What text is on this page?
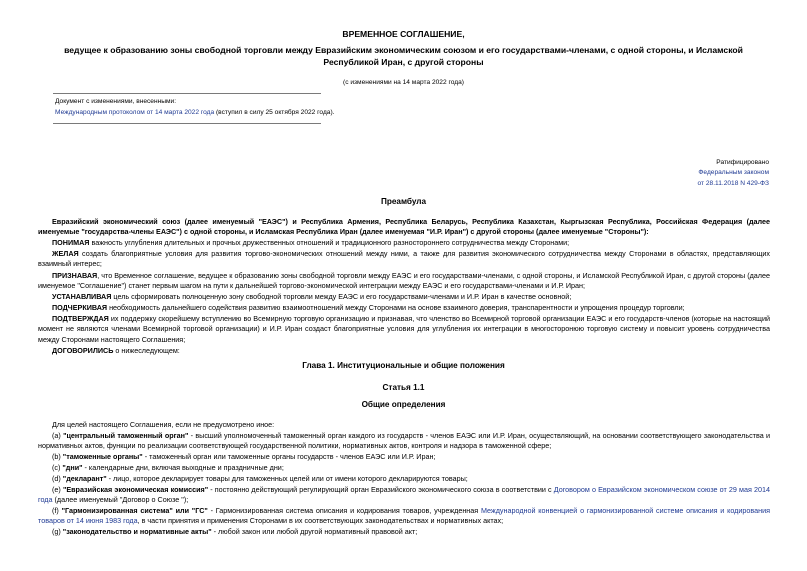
ВРЕМЕННОЕ СОГЛАШЕНИЕ,
ведущее к образованию зоны свободной торговли между Евразийским экономическим союзом и его государствами-членами, с одной стороны, и Исламской
Республикой Иран, с другой стороны
(с изменениями на 14 марта 2022 года)
Документ с изменениями, внесенными:
Международным протоколом от 14 марта 2022 года (вступил в силу 25 октября 2022 года).
Ратифицировано
Федеральным законом
от 28.11.2018 N 429-ФЗ
Преамбула
Евразийский экономический союз (далее именуемый "ЕАЭС") и Республика Армения, Республика Беларусь, Республика Казахстан, Кыргызская Республика, Российская Федерация (далее именуемые "государства-члены ЕАЭС") с одной стороны, и Исламская Республика Иран (далее именуемая "И.Р. Иран") с другой стороны (далее именуемые "Стороны"):
ПОНИМАЯ важность углубления длительных и прочных дружественных отношений и традиционного разностороннего сотрудничества между Сторонами;
ЖЕЛАЯ создать благоприятные условия для развития торгово-экономических отношений между ними, а также для развития экономического сотрудничества между Сторонами в областях, представляющих взаимный интерес;
ПРИЗНАВАЯ, что Временное соглашение, ведущее к образованию зоны свободной торговли между ЕАЭС и его государствами-членами, с одной стороны, и Исламской Республикой Иран, с другой стороны (далее именуемое "Соглашение") станет первым шагом на пути к дальнейшей торгово-экономической интеграции между ЕАЭС и его государствами-членами и И.Р. Иран;
УСТАНАВЛИВАЯ цель сформировать полноценную зону свободной торговли между ЕАЭС и его государствами-членами и И.Р. Иран в качестве основной;
ПОДЧЕРКИВАЯ необходимость дальнейшего содействия развитию взаимоотношений между Сторонами на основе взаимного доверия, транспарентности и упрощения процедур торговли;
ПОДТВЕРЖДАЯ их поддержку скорейшему вступлению во Всемирную торговую организацию и признавая, что членство во Всемирной торговой организации ЕАЭС и его государств-членов (которые на настоящий момент не являются членами Всемирной торговой организации) и И.Р. Иран создаст благоприятные условия для углубления их интеграции в многосторонюю торговую систему и повысит уровень сотрудничества между Сторонами настоящего Соглашения;
ДОГОВОРИЛИСЬ о нижеследующем:
Глава 1. Институциональные и общие положения
Статья 1.1
Общие определения
Для целей настоящего Соглашения, если не предусмотрено иное:
(а) "центральный таможенный орган" - высший уполномоченный таможенный орган каждого из государств - членов ЕАЭС или И.Р. Иран, осуществляющий, на основании соответствующего законодательства и нормативных актов, функции по реализации соответствующей государственной политики, нормативных актов, контроля и надзора в таможенной сфере;
(b) "таможенные органы" - таможенный орган или таможенные органы государств - членов ЕАЭС или И.Р. Иран;
(c) "дни" - календарные дни, включая выходные и праздничные дни;
(d) "декларант" - лицо, которое декларирует товары для таможенных целей или от имени которого декларируются товары;
(e) "Евразийская экономическая комиссия" - постоянно действующий регулирующий орган Евразийского экономического союза в соответствии с Договором о Евразийском экономическом союзе от 29 мая 2014 года (далее именуемый "Договор о Союзе ");
(f) "Гармонизированная система" или "ГС" - Гармонизированная система описания и кодирования товаров, учрежденная Международной конвенцией о гармонизированной системе описания и кодирования товаров от 14 июня 1983 года, в части принятия и применения Сторонами в их соответствующих законодательствах и нормативных актах;
(g) "законодательство и нормативные акты" - любой закон или любой другой нормативный правовой акт;
